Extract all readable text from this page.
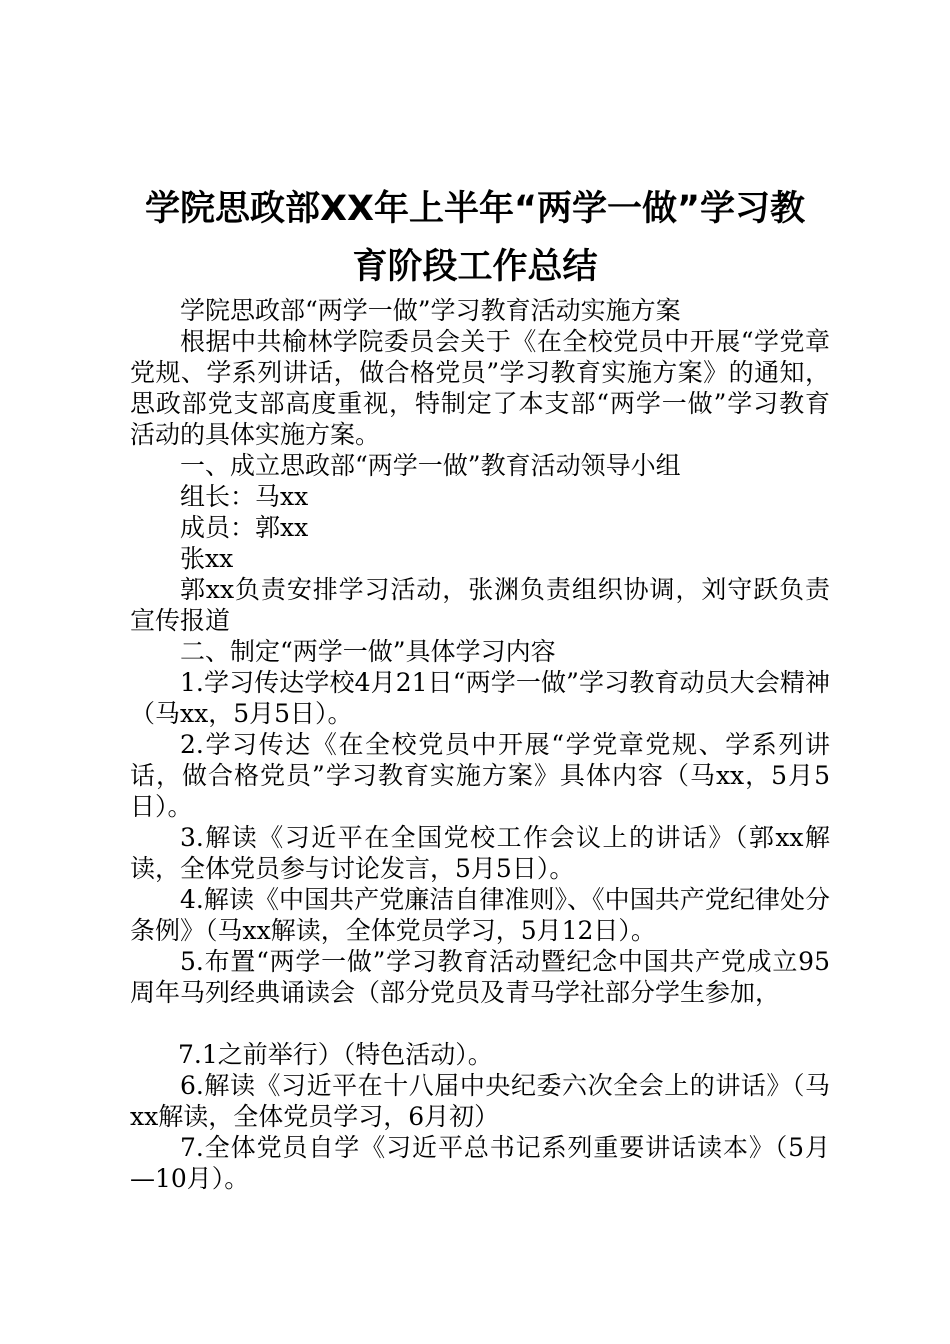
学院思政部XX年上半年“两学一做”学习教
育阶段工作总结

学院思政部“两学一做”学习教育活动实施方案

根据中共榆林学院委员会关于《在全校党员中开展“学党章党规、学系列讲话，做合格党员”学习教育实施方案》的通知，思政部党支部高度重视，特制定了本支部“两学一做”学习教育活动的具体实施方案。

一、成立思政部“两学一做”教育活动领导小组

组长：马xx

成员：郭xx

张xx

郭xx负责安排学习活动，张渊负责组织协调，刘守跃负责宣传报道

二、制定“两学一做”具体学习内容

1.学习传达学校4月21日“两学一做”学习教育动员大会精神（马xx，5月5日）。

2.学习传达《在全校党员中开展“学党章党规、学系列讲话，做合格党员”学习教育实施方案》具体内容（马xx，5月5日）。

3.解读《习近平在全国党校工作会议上的讲话》（郭xx解读，全体党员参与讨论发言，5月5日）。

4.解读《中国共产党廉洁自律准则》、《中国共产党纪律处分条例》（马xx解读，全体党员学习，5月12日）。

5.布置“两学一做”学习教育活动暨纪念中国共产党成立95周年马列经典诵读会（部分党员及青马学社部分学生参加，

7.1之前举行）（特色活动）。

6.解读《习近平在十八届中央纪委六次全会上的讲话》（马xx解读，全体党员学习，6月初）

7.全体党员自学《习近平总书记系列重要讲话读本》（5月—10月）。
